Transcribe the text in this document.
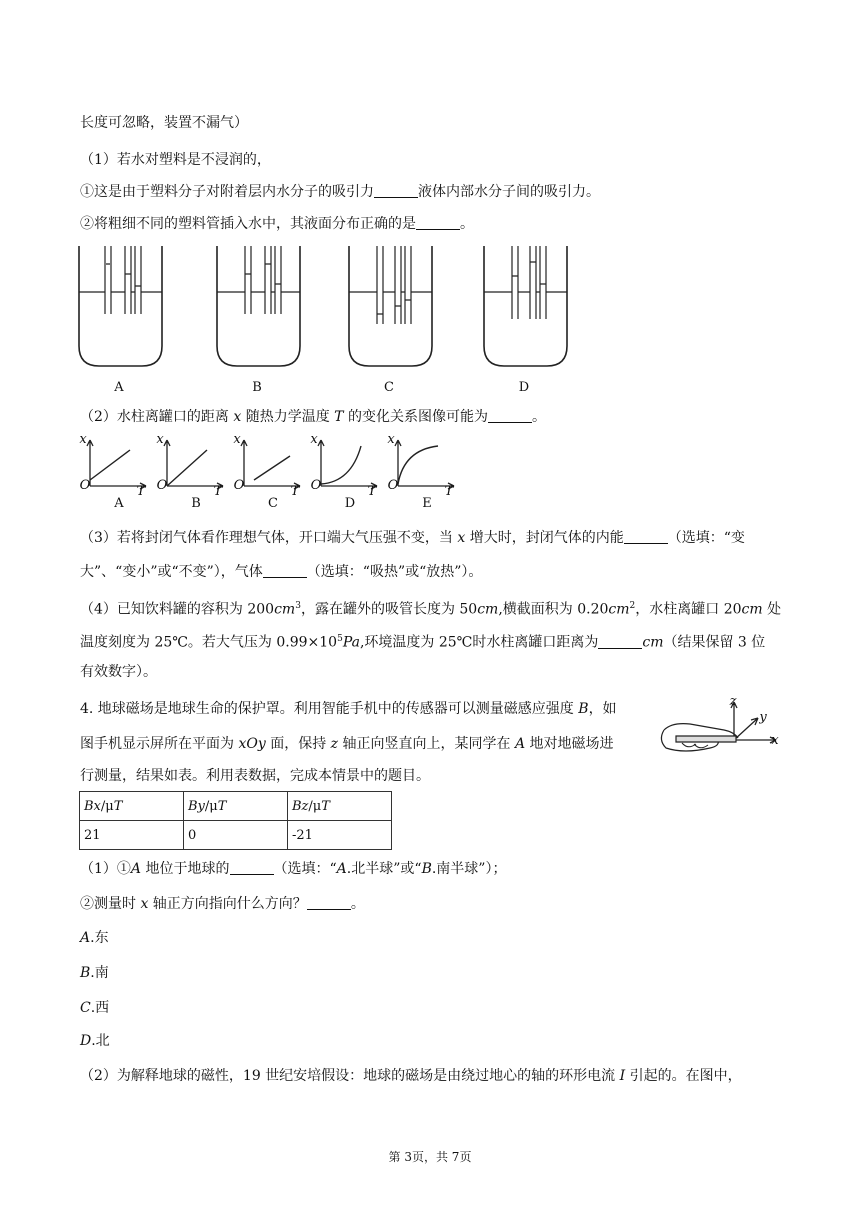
长度可忽略，装置不漏气）
（1）若水对塑料是不浸润的，
①这是由于塑料分子对附着层内水分子的吸引力	液体内部水分子间的吸引力。
②将粗细不同的塑料管插入水中，其液面分布正确的是	。
A	B	C	D
（2）水柱离罐口的距离 x 随热力学温度 T 的变化关系图像可能为	。
x
T
O
x
T
O
x
T
O
x
T
O
x
T
O
A	B	C	D	E
（3）若将封闭气体看作理想气体，开口端大气压强不变，当 x 增大时，封闭气体的内能	（选填：“变
大”、“变小”或“不变”），气体	（选填：“吸热”或“放热”）。
（4）已知饮料罐的容积为 $200cm^3$，露在罐外的吸管长度为 50cm,横截面积为 $0.20cm^2$，水柱离罐口 20cm 处
温度刻度为 25℃。若大气压为 $0.99\times 10^5Pa$,环境温度为 25℃时水柱离罐口距离为	cm（结果保留 3 位
有效数字）。
4. 地球磁场是地球生命的保护罩。利用智能手机中的传感器可以测量磁感应强度 B，如
图手机显示屏所在平面为 xOy 面，保持 z 轴正向竖直向上，某同学在 A 地对地磁场进
行测量，结果如表。利用表数据，完成本情景中的题目。
z
y
x
Bx/μT	By/μT	Bz/μT
21	0	-21
（1）①A 地位于地球的	（选填：“A.北半球”或“B.南半球”）；
②测量时 x 轴正方向指向什么方向？	。
A.东
B.南
C.西
D.北
（2）为解释地球的磁性，19 世纪安培假设：地球的磁场是由绕过地心的轴的环形电流 I 引起的。在图中，
第 3页，共 7页
